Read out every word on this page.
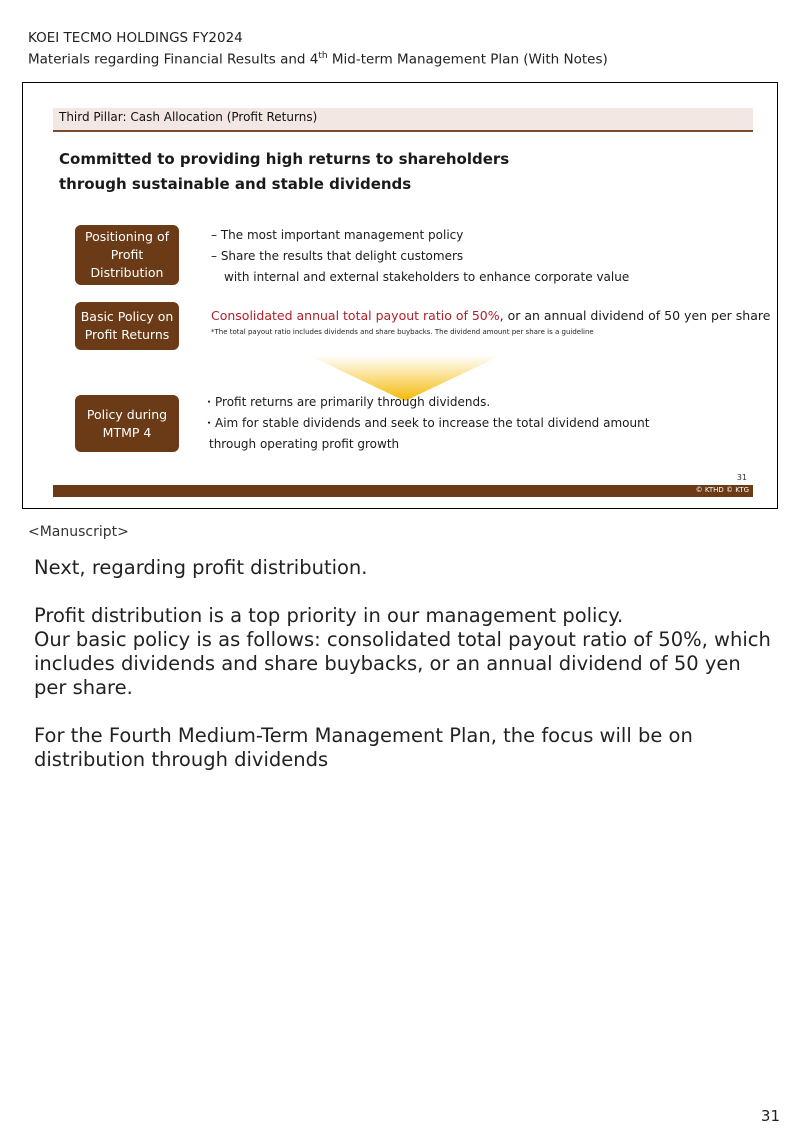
KOEI TECMO HOLDINGS FY2024
Materials regarding Financial Results and 4th Mid-term Management Plan (With Notes)
Third Pillar: Cash Allocation (Profit Returns)
Committed to providing high returns to shareholders
through sustainable and stable dividends
Positioning of Profit Distribution
– The most important management policy
– Share the results that delight customers
with internal and external stakeholders to enhance corporate value
Basic Policy on Profit Returns
Consolidated annual total payout ratio of 50%, or an annual dividend of 50 yen per share
*The total payout ratio includes dividends and share buybacks. The dividend amount per share is a guideline
Policy during MTMP 4
・Profit returns are primarily through dividends.
・Aim for stable dividends and seek to increase the total dividend amount
through operating profit growth
31
© KTHD © KTG
<Manuscript>

Next, regarding profit distribution.

Profit distribution is a top priority in our management policy.
Our basic policy is as follows: consolidated total payout ratio of 50%, which includes dividends and share buybacks, or an annual dividend of 50 yen per share.

For the Fourth Medium-Term Management Plan, the focus will be on distribution through dividends

31
